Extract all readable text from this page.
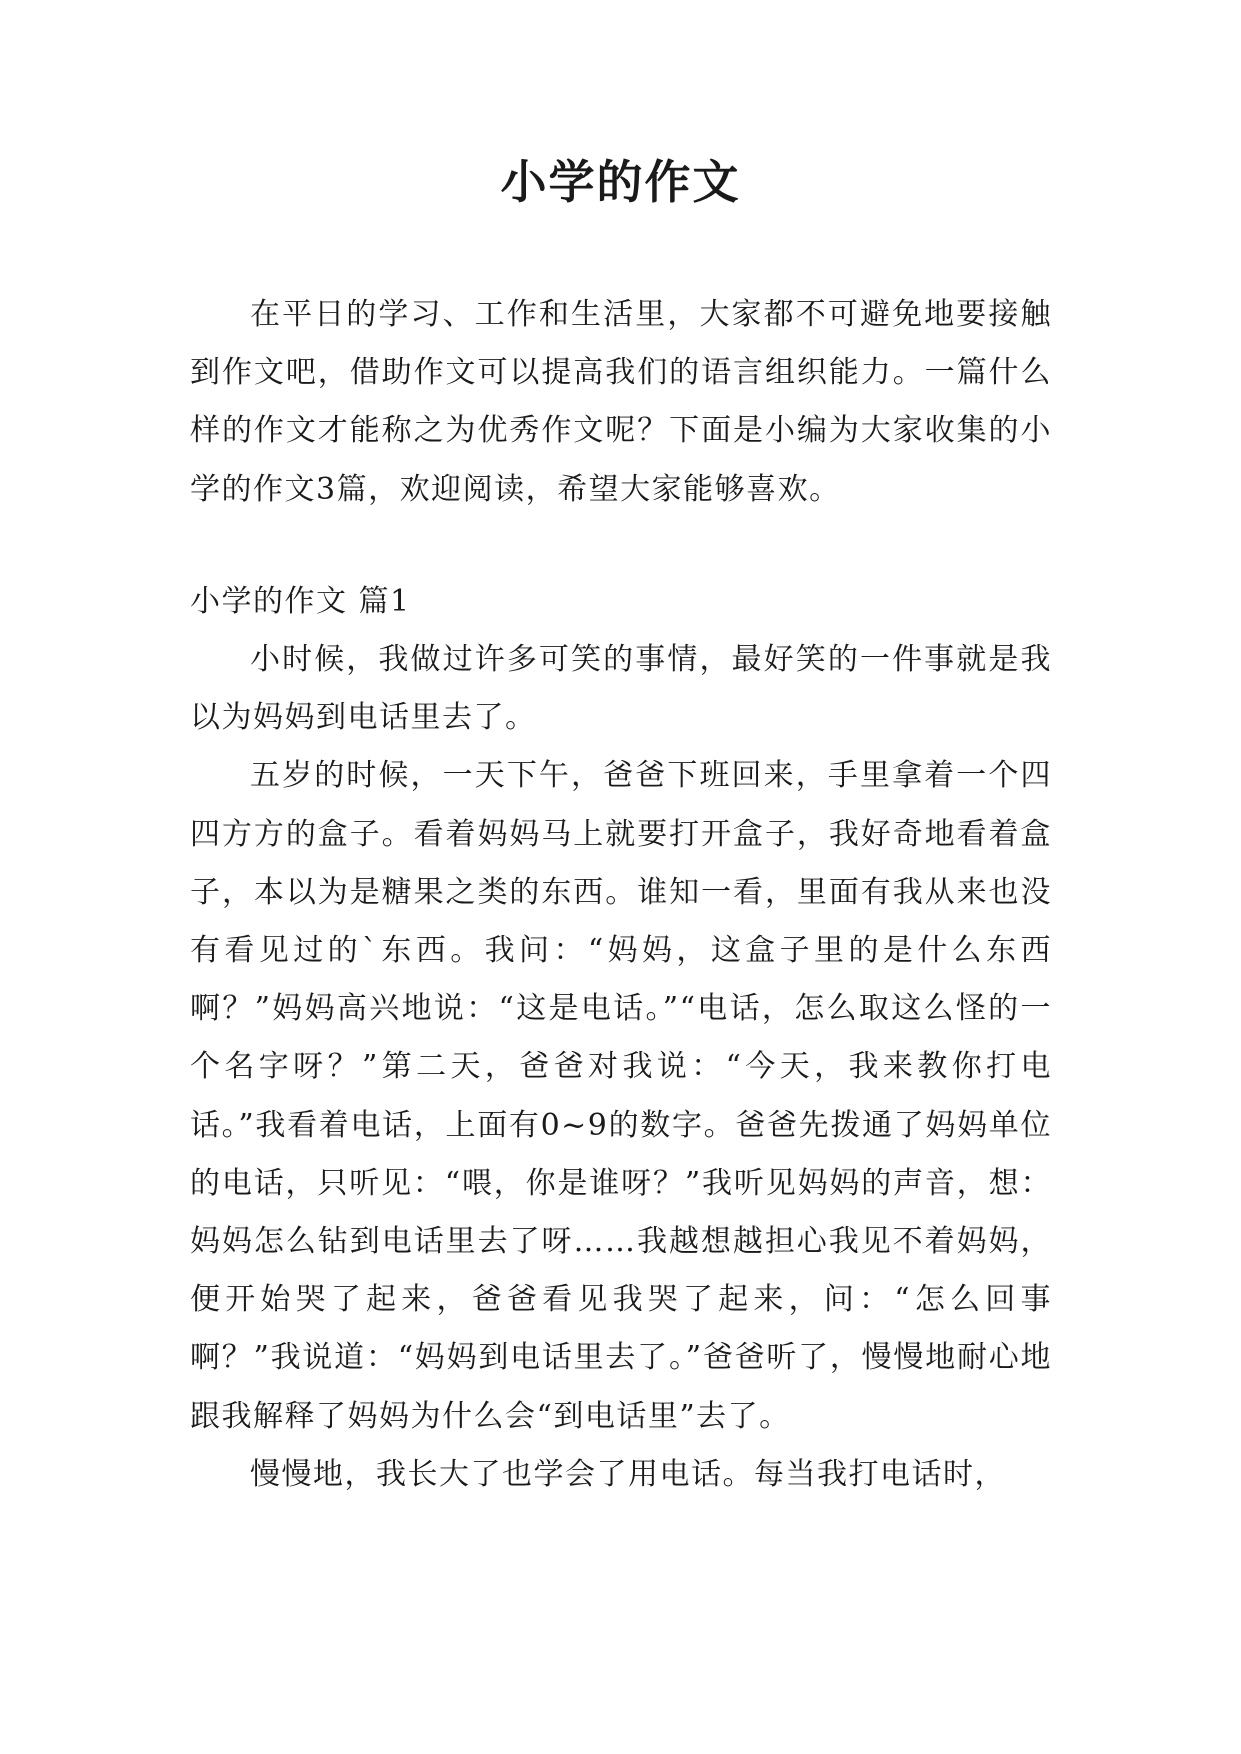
小学的作文

在平日的学习、工作和生活里，大家都不可避免地要接触到作文吧，借助作文可以提高我们的语言组织能力。一篇什么样的作文才能称之为优秀作文呢？下面是小编为大家收集的小学的作文3篇，欢迎阅读，希望大家能够喜欢。

小学的作文 篇1

小时候，我做过许多可笑的事情，最好笑的一件事就是我以为妈妈到电话里去了。

五岁的时候，一天下午，爸爸下班回来，手里拿着一个四四方方的盒子。看着妈妈马上就要打开盒子，我好奇地看着盒子，本以为是糖果之类的东西。谁知一看，里面有我从来也没有看见过的`东西。我问：“妈妈，这盒子里的是什么东西啊？”妈妈高兴地说：“这是电话。”“电话，怎么取这么怪的一个名字呀？”第二天，爸爸对我说：“今天，我来教你打电话。”我看着电话，上面有0~9的数字。爸爸先拨通了妈妈单位的电话，只听见：“喂，你是谁呀？”我听见妈妈的声音，想：妈妈怎么钻到电话里去了呀……我越想越担心我见不着妈妈，便开始哭了起来，爸爸看见我哭了起来，问：“怎么回事啊？”我说道：“妈妈到电话里去了。”爸爸听了，慢慢地耐心地跟我解释了妈妈为什么会“到电话里”去了。

慢慢地，我长大了也学会了用电话。每当我打电话时，
